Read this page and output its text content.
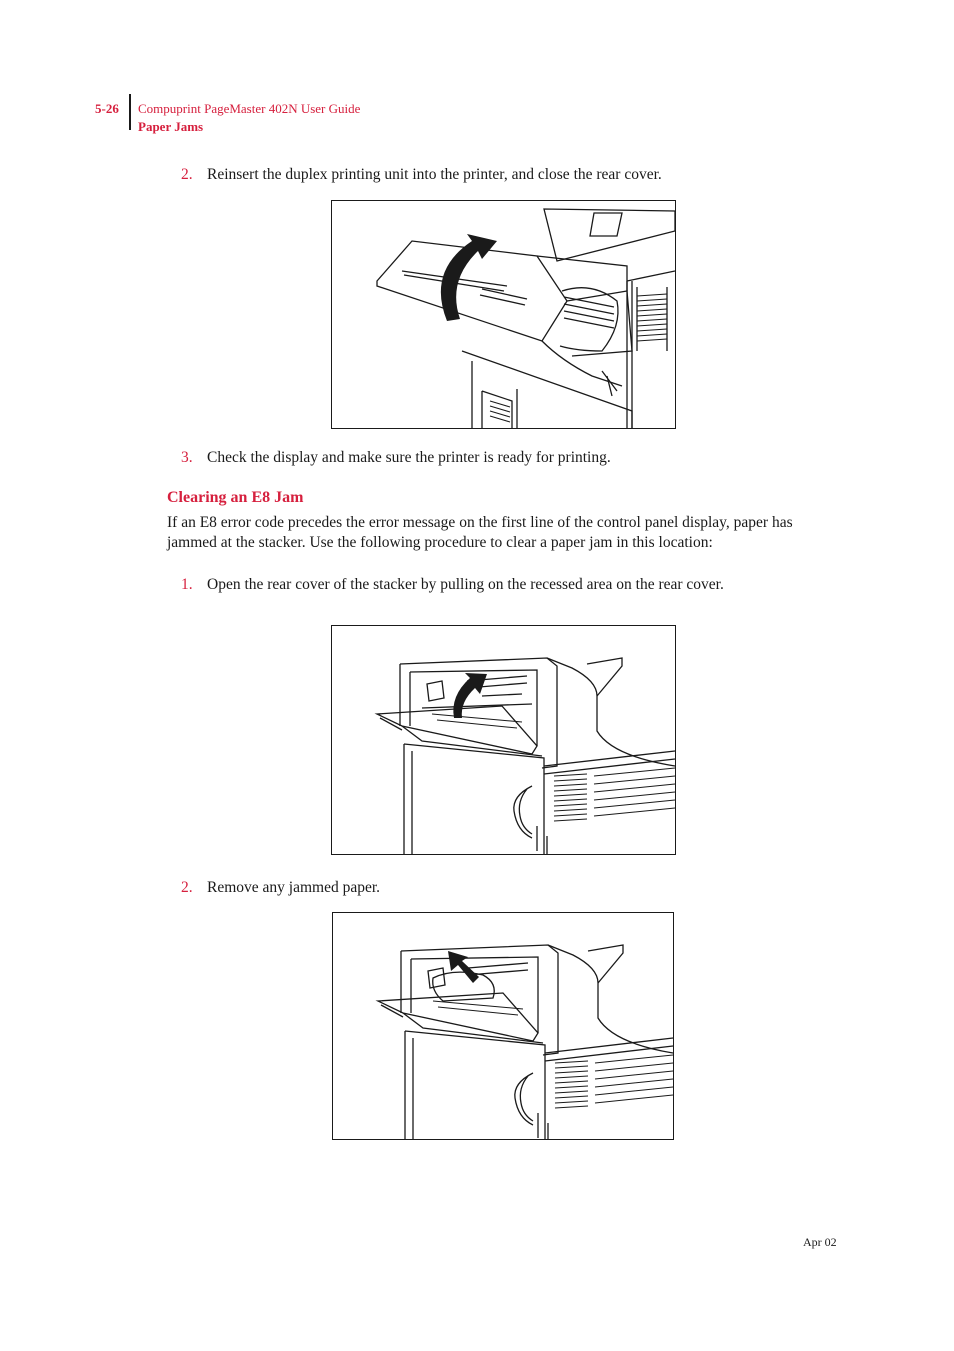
5-26 Compuprint PageMaster 402N User Guide
Paper Jams
2. Reinsert the duplex printing unit into the printer, and close the rear cover.
3. Check the display and make sure the printer is ready for printing.
Clearing an E8 Jam
If an E8 error code precedes the error message on the first line of the control panel display, paper has jammed at the stacker. Use the following procedure to clear a paper jam in this location:
1. Open the rear cover of the stacker by pulling on the recessed area on the rear cover.
2. Remove any jammed paper.
Apr 02
